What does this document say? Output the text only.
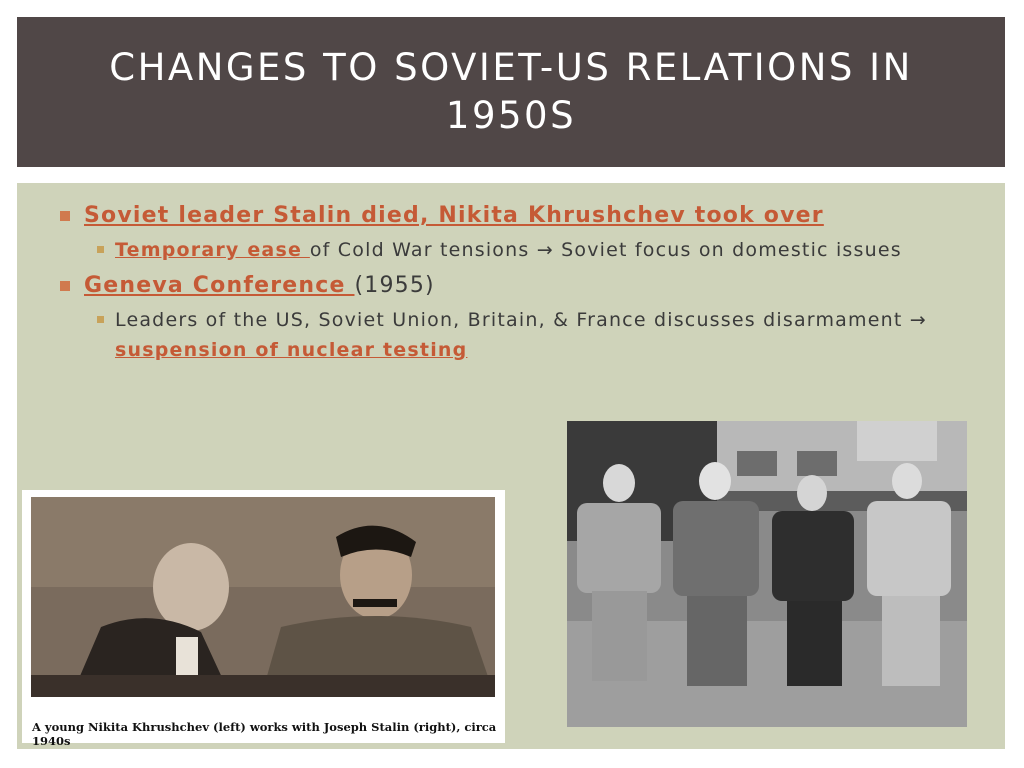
CHANGES TO SOVIET-US RELATIONS IN 1950S
Soviet leader Stalin died, Nikita Khrushchev took over
Temporary ease of Cold War tensions → Soviet focus on domestic issues
Geneva Conference (1955)
Leaders of the US, Soviet Union, Britain, & France discusses disarmament → suspension of nuclear testing
A young Nikita Khrushchev (left) works with Joseph Stalin (right), circa 1940s
